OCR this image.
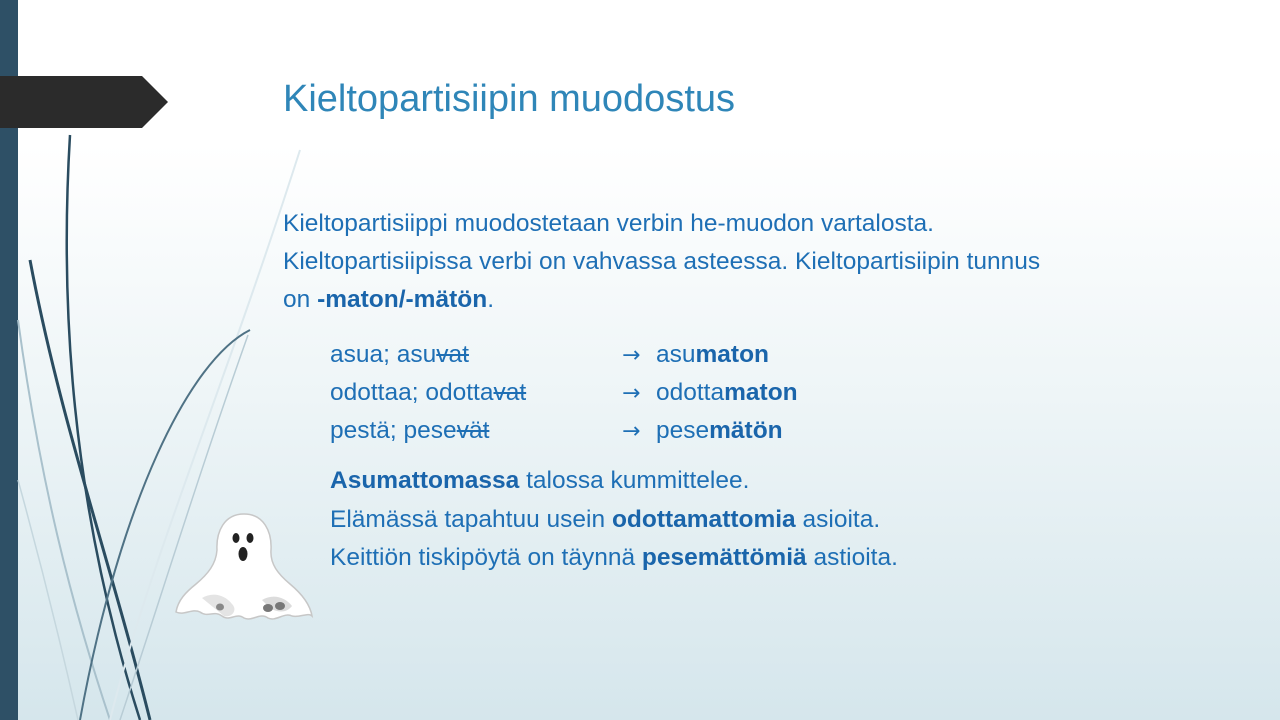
Kieltopartisiipin muodostus
Kieltopartisiippi muodostetaan verbin he-muodon vartalosta.
Kieltopartisiipissa verbi on vahvassa asteessa. Kieltopartisiipin tunnus
on -maton/-mätön.
asua; asuvat	→ asumaton
odottaa; odottavat	→ odottamaton
pestä; pesevät	→ pesemätön
Asumattomassa talossa kummittelee.
Elämässä tapahtuu usein odottamattomia asioita.
Keittiön tiskipöytä on täynnä pesemättömiä astioita.
